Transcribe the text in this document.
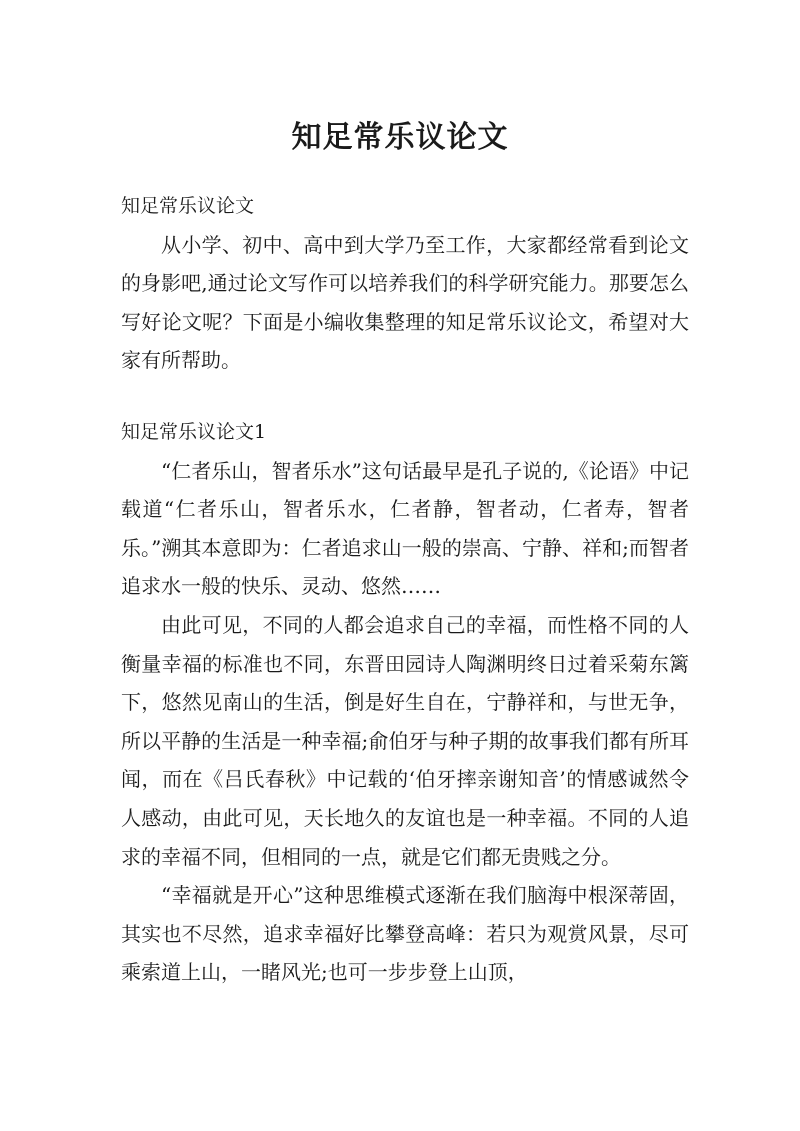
知足常乐议论文

知足常乐议论文

从小学、初中、高中到大学乃至工作，大家都经常看到论文的身影吧,通过论文写作可以培养我们的科学研究能力。那要怎么写好论文呢？下面是小编收集整理的知足常乐议论文，希望对大家有所帮助。

知足常乐议论文1

“仁者乐山，智者乐水”这句话最早是孔子说的,《论语》中记载道“仁者乐山，智者乐水，仁者静，智者动，仁者寿，智者乐。”溯其本意即为：仁者追求山一般的崇高、宁静、祥和;而智者追求水一般的快乐、灵动、悠然……

由此可见，不同的人都会追求自己的幸福，而性格不同的人衡量幸福的标准也不同，东晋田园诗人陶渊明终日过着采菊东篱下，悠然见南山的生活，倒是好生自在，宁静祥和，与世无争，所以平静的生活是一种幸福;俞伯牙与种子期的故事我们都有所耳闻，而在《吕氏春秋》中记载的‘伯牙摔亲谢知音’的情感诚然令人感动，由此可见，天长地久的友谊也是一种幸福。不同的人追求的幸福不同，但相同的一点，就是它们都无贵贱之分。

“幸福就是开心”这种思维模式逐渐在我们脑海中根深蒂固，其实也不尽然，追求幸福好比攀登高峰：若只为观赏风景，尽可乘索道上山，一睹风光;也可一步步登上山顶，
